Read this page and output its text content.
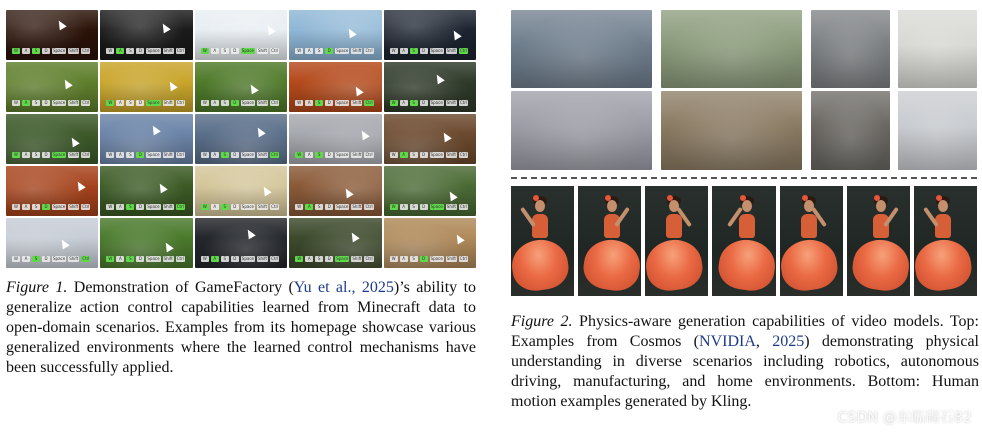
W	A	S	D	Space Shift Ctrl	W	A	S	D	Space Shift Ctrl	W	A	S	D	Space Shift Ctrl	W	A	S	D	Space Shift Ctrl	W	A	S	D	Space Shift Ctrl
W	A	S	D	Space Shift Ctrl	W	A	S	D	Space Shift Ctrl	W	A	S	D	Space Shift Ctrl	W	A	S	D	Space Shift Ctrl	W	A	S	D	Space Shift Ctrl
W	A	S	D	Space Shift Ctrl	W	A	S	D	Space Shift Ctrl	W	A	S	D	Space Shift Ctrl	W	A	S	D	Space Shift Ctrl	W	A	S	D	Space Shift Ctrl
W	A	S	D	Space Shift Ctrl	W	A	S	D	Space Shift Ctrl	W	A	S	D	Space Shift Ctrl	W	A	S	D	Space Shift Ctrl	W	A	S	D	Space Shift Ctrl
W	A	S	D	Space Shift Ctrl	W	A	S	D	Space Shift Ctrl	W	A	S	D	Space Shift Ctrl	W	A	S	D	Space Shift Ctrl	W	A	S	D	Space Shift Ctrl
Figure 1. Demonstration of GameFactory (Yu et al., 2025)’s ability to generalize action control capabilities learned from Minecraft data to open-domain scenarios. Examples from its homepage showcase various generalized environments where the learned control mechanisms have been successfully applied.
Figure 2. Physics-aware generation capabilities of video models. Top: Examples from Cosmos (NVIDIA, 2025) demonstrating physical understanding in diverse scenarios including robotics, autonomous driving, manufacturing, and home environments. Bottom: Human motion examples generated by Kling.
CSDN @东临碣石82
